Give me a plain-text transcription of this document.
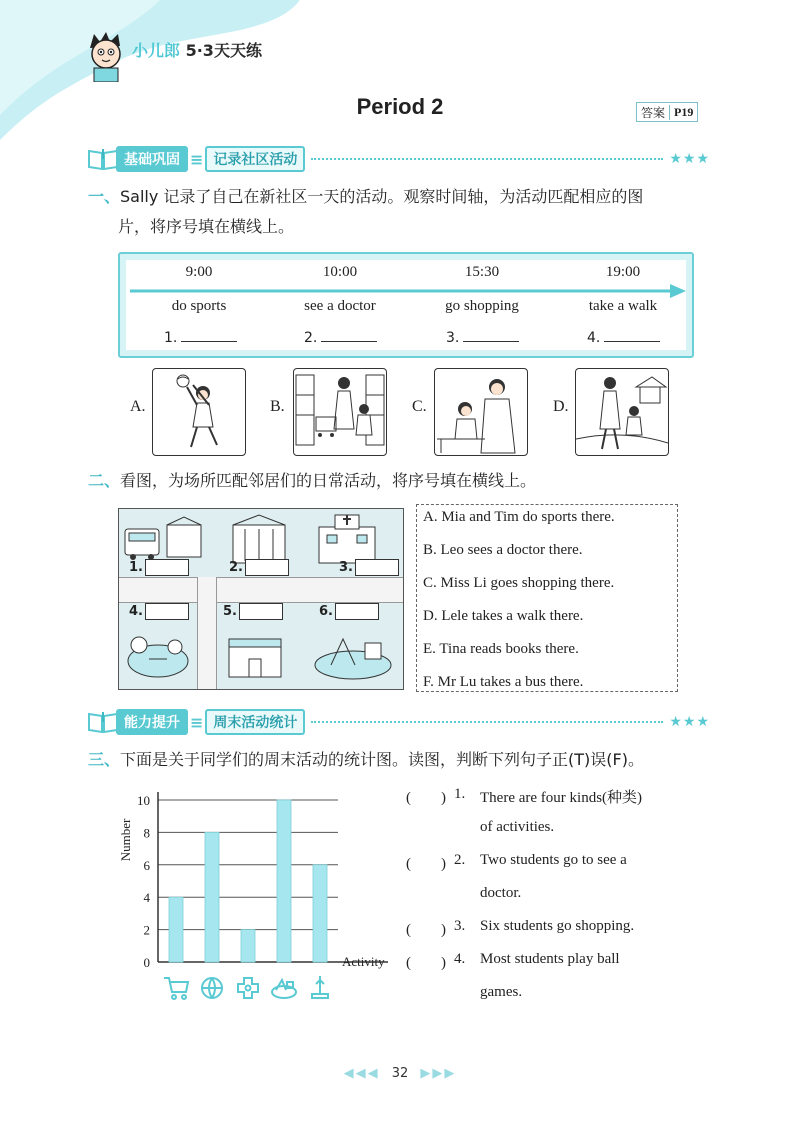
小儿郎 5·3天天练
Period 2	答案 P19
基础巩固 ≡ 记录社区活动	★★★
一、Sally 记录了自己在新社区一天的活动。观察时间轴，为活动匹配相应的图
片，将序号填在横线上。
9:00	10:00	15:30	19:00
do sports	see a doctor	go shopping	take a walk
1.	2.	3.	4.
A.	B.	C.	D.
二、看图，为场所匹配邻居们的日常活动，将序号填在横线上。
1.	2.	3.
4.	5.	6.
A. Mia and Tim do sports there.
B. Leo sees a doctor there.
C. Miss Li goes shopping there.
D. Lele takes a walk there.
E. Tina reads books there.
F. Mr Lu takes a bus there.
能力提升 ≡ 周末活动统计	★★★
三、下面是关于同学们的周末活动的统计图。读图，判断下列句子正(T)误(F)。
0
2
4
6
8
10
Number
Activity
(　　) 1. There are four kinds(种类)
of activities.
(　　) 2. Two students go to see a
doctor.
(　　) 3. Six students go shopping.
(　　) 4. Most students play ball
games.
◀◀◀ 32 ▶▶▶
